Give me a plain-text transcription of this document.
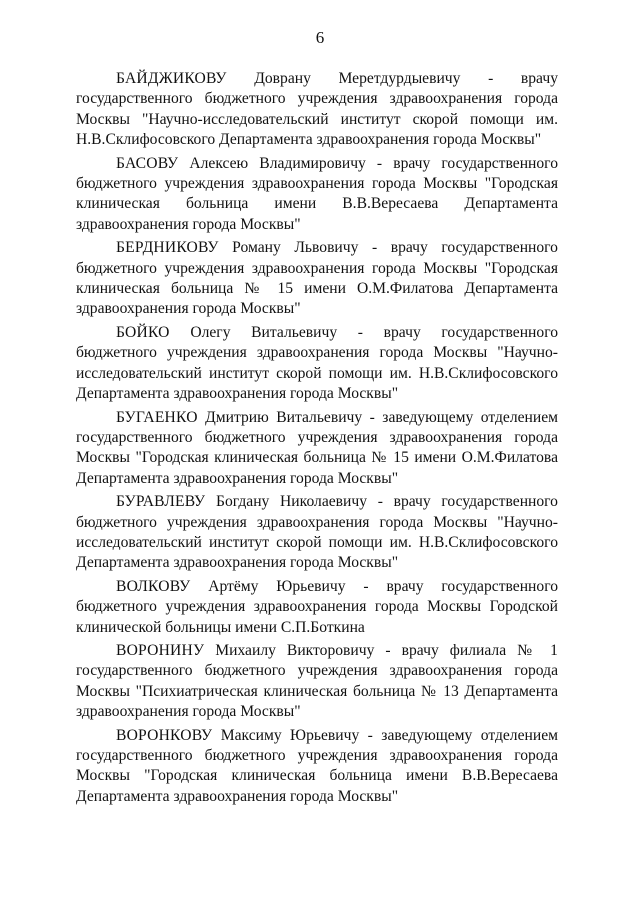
6

БАЙДЖИКОВУ Доврану Меретдурдыевичу - врачу государственного бюджетного учреждения здравоохранения города Москвы "Научно-исследовательский институт скорой помощи им. Н.В.Склифосовского Департамента здравоохранения города Москвы"

БАСОВУ Алексею Владимировичу - врачу государственного бюджетного учреждения здравоохранения города Москвы "Городская клиническая больница имени В.В.Вересаева Департамента здравоохранения города Москвы"

БЕРДНИКОВУ Роману Львовичу - врачу государственного бюджетного учреждения здравоохранения города Москвы "Городская клиническая больница № 15 имени О.М.Филатова Департамента здравоохранения города Москвы"

БОЙКО Олегу Витальевичу - врачу государственного бюджетного учреждения здравоохранения города Москвы "Научно-исследовательский институт скорой помощи им. Н.В.Склифосовского Департамента здравоохранения города Москвы"

БУГАЕНКО Дмитрию Витальевичу - заведующему отделением государственного бюджетного учреждения здравоохранения города Москвы "Городская клиническая больница № 15 имени О.М.Филатова Департамента здравоохранения города Москвы"

БУРАВЛЕВУ Богдану Николаевичу - врачу государственного бюджетного учреждения здравоохранения города Москвы "Научно-исследовательский институт скорой помощи им. Н.В.Склифосовского Департамента здравоохранения города Москвы"

ВОЛКОВУ Артёму Юрьевичу - врачу государственного бюджетного учреждения здравоохранения города Москвы Городской клинической больницы имени С.П.Боткина

ВОРОНИНУ Михаилу Викторовичу - врачу филиала № 1 государственного бюджетного учреждения здравоохранения города Москвы "Психиатрическая клиническая больница № 13 Департамента здравоохранения города Москвы"

ВОРОНКОВУ Максиму Юрьевичу - заведующему отделением государственного бюджетного учреждения здравоохранения города Москвы "Городская клиническая больница имени В.В.Вересаева Департамента здравоохранения города Москвы"
